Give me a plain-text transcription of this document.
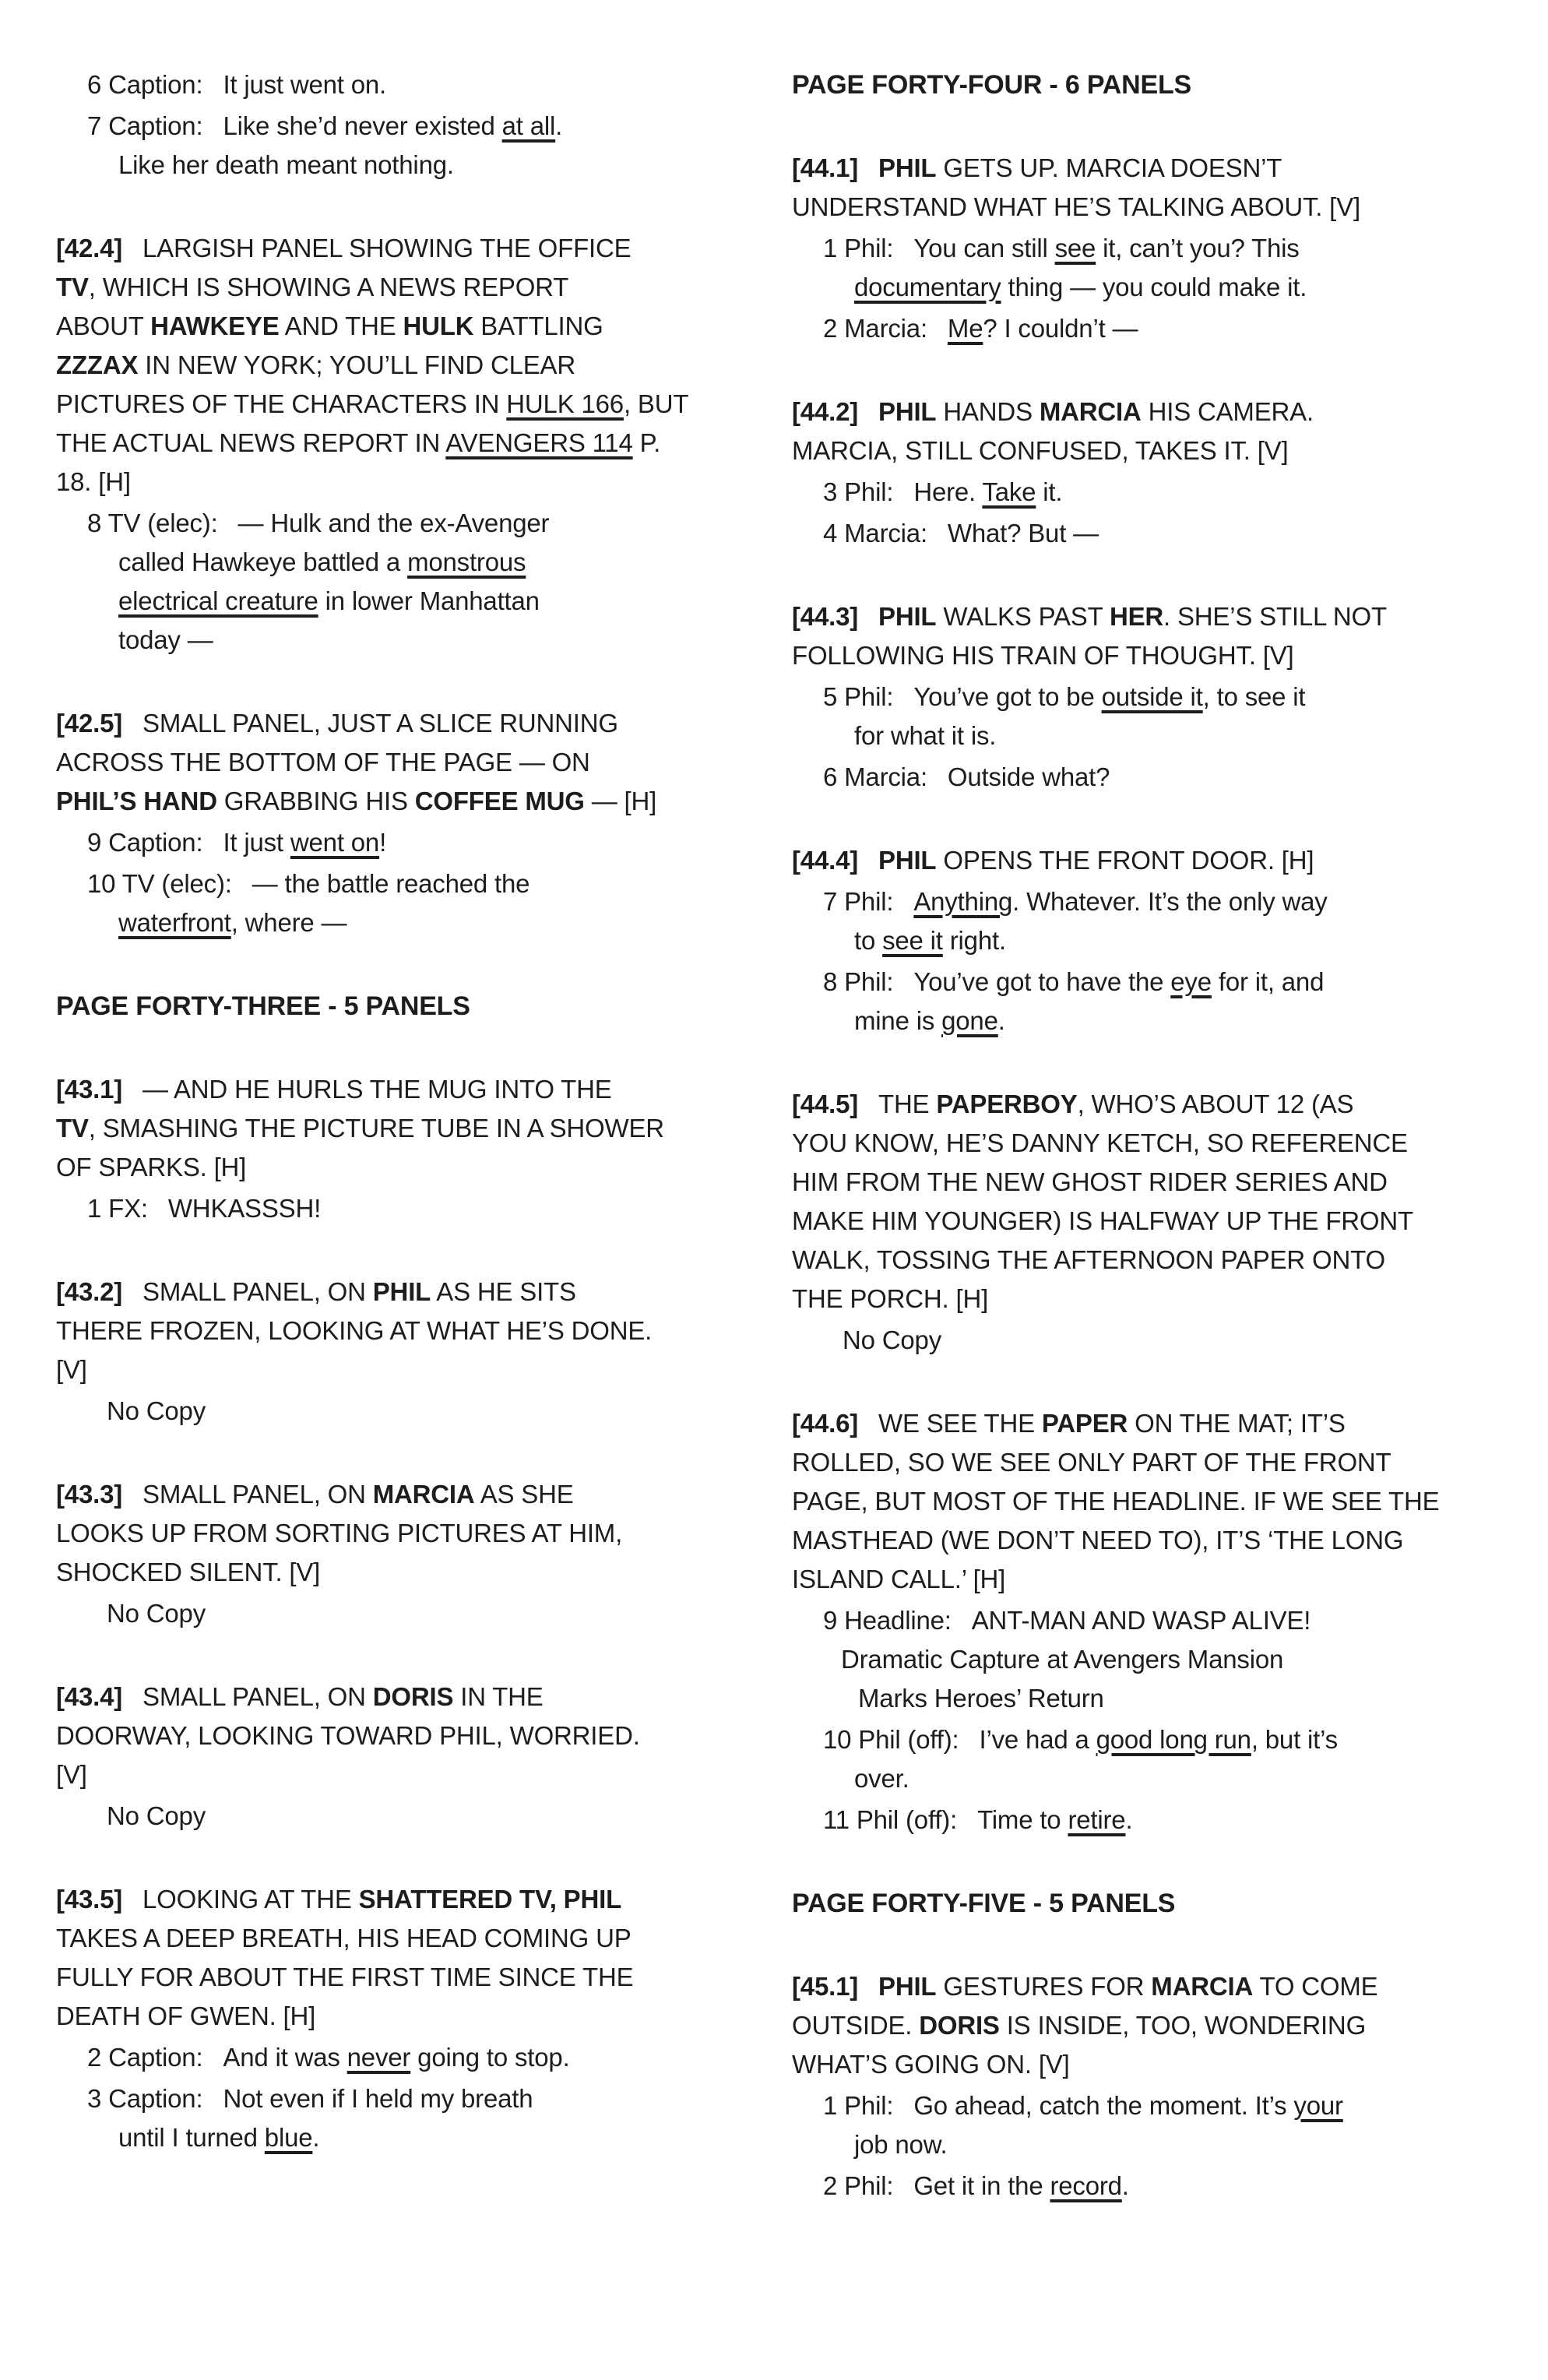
6 Caption: It just went on.
7 Caption: Like she’d never existed at all.
Like her death meant nothing.
[42.4] LARGISH PANEL SHOWING THE OFFICE
TV, WHICH IS SHOWING A NEWS REPORT
ABOUT HAWKEYE AND THE HULK BATTLING
ZZZAX IN NEW YORK; YOU’LL FIND CLEAR
PICTURES OF THE CHARACTERS IN HULK 166, BUT
THE ACTUAL NEWS REPORT IN AVENGERS 114 P.
18. [H]
8 TV (elec): — Hulk and the ex-Avenger
called Hawkeye battled a monstrous
electrical creature in lower Manhattan
today —
[42.5] SMALL PANEL, JUST A SLICE RUNNING
ACROSS THE BOTTOM OF THE PAGE — ON
PHIL’S HAND GRABBING HIS COFFEE MUG — [H]
9 Caption: It just went on!
10 TV (elec): — the battle reached the
waterfront, where —
PAGE FORTY-THREE - 5 PANELS
[43.1] — AND HE HURLS THE MUG INTO THE
TV, SMASHING THE PICTURE TUBE IN A SHOWER
OF SPARKS. [H]
1 FX: WHKASSSH!
[43.2] SMALL PANEL, ON PHIL AS HE SITS
THERE FROZEN, LOOKING AT WHAT HE’S DONE.
[V]
No Copy
[43.3] SMALL PANEL, ON MARCIA AS SHE
LOOKS UP FROM SORTING PICTURES AT HIM,
SHOCKED SILENT. [V]
No Copy
[43.4] SMALL PANEL, ON DORIS IN THE
DOORWAY, LOOKING TOWARD PHIL, WORRIED.
[V]
No Copy
[43.5] LOOKING AT THE SHATTERED TV, PHIL
TAKES A DEEP BREATH, HIS HEAD COMING UP
FULLY FOR ABOUT THE FIRST TIME SINCE THE
DEATH OF GWEN. [H]
2 Caption: And it was never going to stop.
3 Caption: Not even if I held my breath
until I turned blue.
PAGE FORTY-FOUR - 6 PANELS
[44.1] PHIL GETS UP. MARCIA DOESN’T
UNDERSTAND WHAT HE’S TALKING ABOUT. [V]
1 Phil: You can still see it, can’t you? This
documentary thing — you could make it.
2 Marcia: Me? I couldn’t —
[44.2] PHIL HANDS MARCIA HIS CAMERA.
MARCIA, STILL CONFUSED, TAKES IT. [V]
3 Phil: Here. Take it.
4 Marcia: What? But —
[44.3] PHIL WALKS PAST HER. SHE’S STILL NOT
FOLLOWING HIS TRAIN OF THOUGHT. [V]
5 Phil: You’ve got to be outside it, to see it
for what it is.
6 Marcia: Outside what?
[44.4] PHIL OPENS THE FRONT DOOR. [H]
7 Phil: Anything. Whatever. It’s the only way
to see it right.
8 Phil: You’ve got to have the eye for it, and
mine is gone.
[44.5] THE PAPERBOY, WHO’S ABOUT 12 (AS
YOU KNOW, HE’S DANNY KETCH, SO REFERENCE
HIM FROM THE NEW GHOST RIDER SERIES AND
MAKE HIM YOUNGER) IS HALFWAY UP THE FRONT
WALK, TOSSING THE AFTERNOON PAPER ONTO
THE PORCH. [H]
No Copy
[44.6] WE SEE THE PAPER ON THE MAT; IT’S
ROLLED, SO WE SEE ONLY PART OF THE FRONT
PAGE, BUT MOST OF THE HEADLINE. IF WE SEE THE
MASTHEAD (WE DON’T NEED TO), IT’S ‘THE LONG
ISLAND CALL.’ [H]
9 Headline: ANT-MAN AND WASP ALIVE!
Dramatic Capture at Avengers Mansion
Marks Heroes’ Return
10 Phil (off): I’ve had a good long run, but it’s
over.
11 Phil (off): Time to retire.
PAGE FORTY-FIVE - 5 PANELS
[45.1] PHIL GESTURES FOR MARCIA TO COME
OUTSIDE. DORIS IS INSIDE, TOO, WONDERING
WHAT’S GOING ON. [V]
1 Phil: Go ahead, catch the moment. It’s your
job now.
2 Phil: Get it in the record.
